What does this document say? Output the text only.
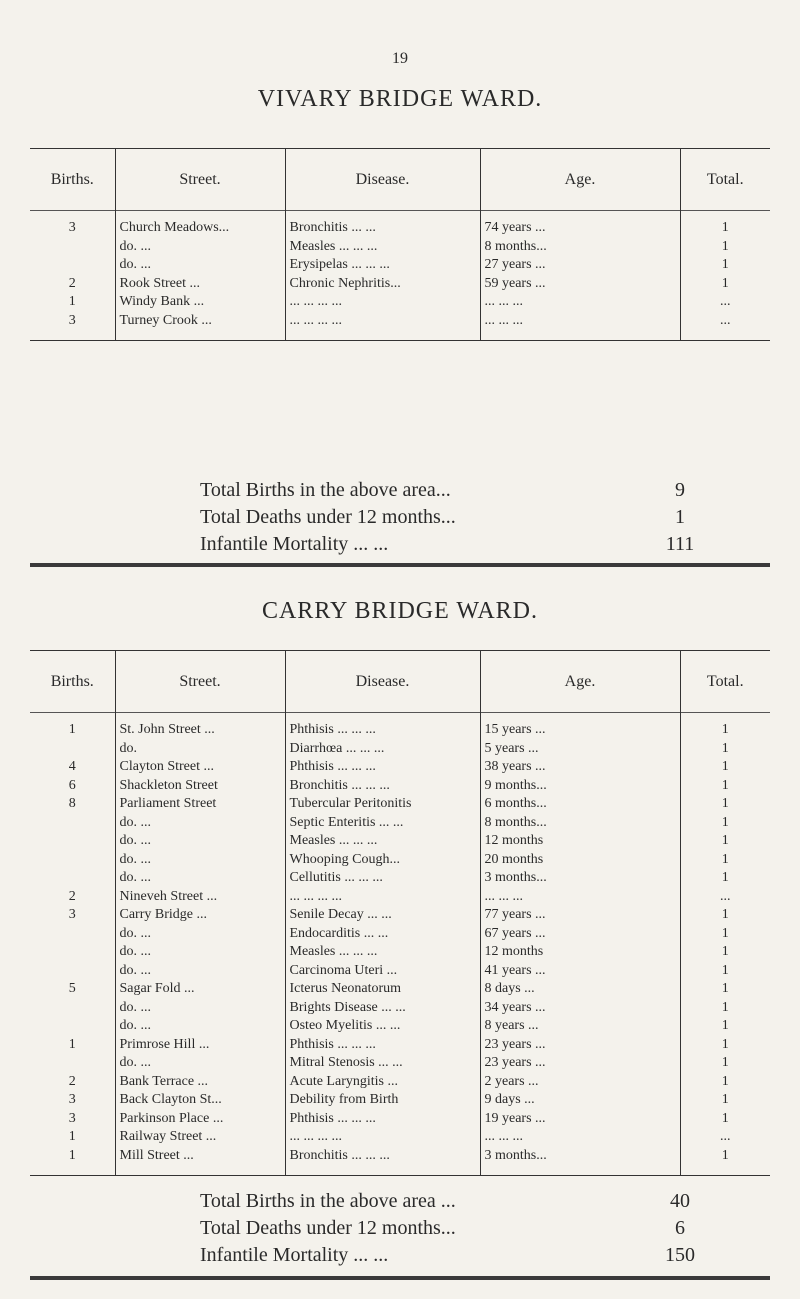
19
VIVARY BRIDGE WARD.
Births.	Street.	Disease.	Age.	Total.

3	Church Meadows...	Bronchitis ... ...	74 years ...	1
	do. ...	Measles ... ... ...	8 months...	1
	do. ...	Erysipelas ... ... ...	27 years ...	1
2	Rook Street ...	Chronic Nephritis...	59 years ...	1
1	Windy Bank ...	... ... ... ...	... ... ...	...
3	Turney Crook ...	... ... ... ...	... ... ...	...

Total Births in the above area...	9
Total Deaths under 12 months...	1
Infantile Mortality ... ...	111
CARRY BRIDGE WARD.
Births.	Street.	Disease.	Age.	Total.

1	St. John Street ...	Phthisis ... ... ...	15 years ...	1
	do.	Diarrhœa ... ... ...	5 years ...	1
4	Clayton Street ...	Phthisis ... ... ...	38 years ...	1
6	Shackleton Street	Bronchitis ... ... ...	9 months...	1
8	Parliament Street	Tubercular Peritonitis	6 months...	1
	do. ...	Septic Enteritis ... ...	8 months...	1
	do. ...	Measles ... ... ...	12 months	1
	do. ...	Whooping Cough...	20 months	1
	do. ...	Cellutitis ... ... ...	3 months...	1
2	Nineveh Street ...	... ... ... ...	... ... ...	...
3	Carry Bridge ...	Senile Decay ... ...	77 years ...	1
	do. ...	Endocarditis ... ...	67 years ...	1
	do. ...	Measles ... ... ...	12 months	1
	do. ...	Carcinoma Uteri ...	41 years ...	1
5	Sagar Fold ...	Icterus Neonatorum	8 days ...	1
	do. ...	Brights Disease ... ...	34 years ...	1
	do. ...	Osteo Myelitis ... ...	8 years ...	1
1	Primrose Hill ...	Phthisis ... ... ...	23 years ...	1
	do. ...	Mitral Stenosis ... ...	23 years ...	1
2	Bank Terrace ...	Acute Laryngitis ...	2 years ...	1
3	Back Clayton St...	Debility from Birth	9 days ...	1
3	Parkinson Place ...	Phthisis ... ... ...	19 years ...	1
1	Railway Street ...	... ... ... ...	... ... ...	...
1	Mill Street ...	Bronchitis ... ... ...	3 months...	1

Total Births in the above area ...	40
Total Deaths under 12 months...	6
Infantile Mortality ... ...	150
